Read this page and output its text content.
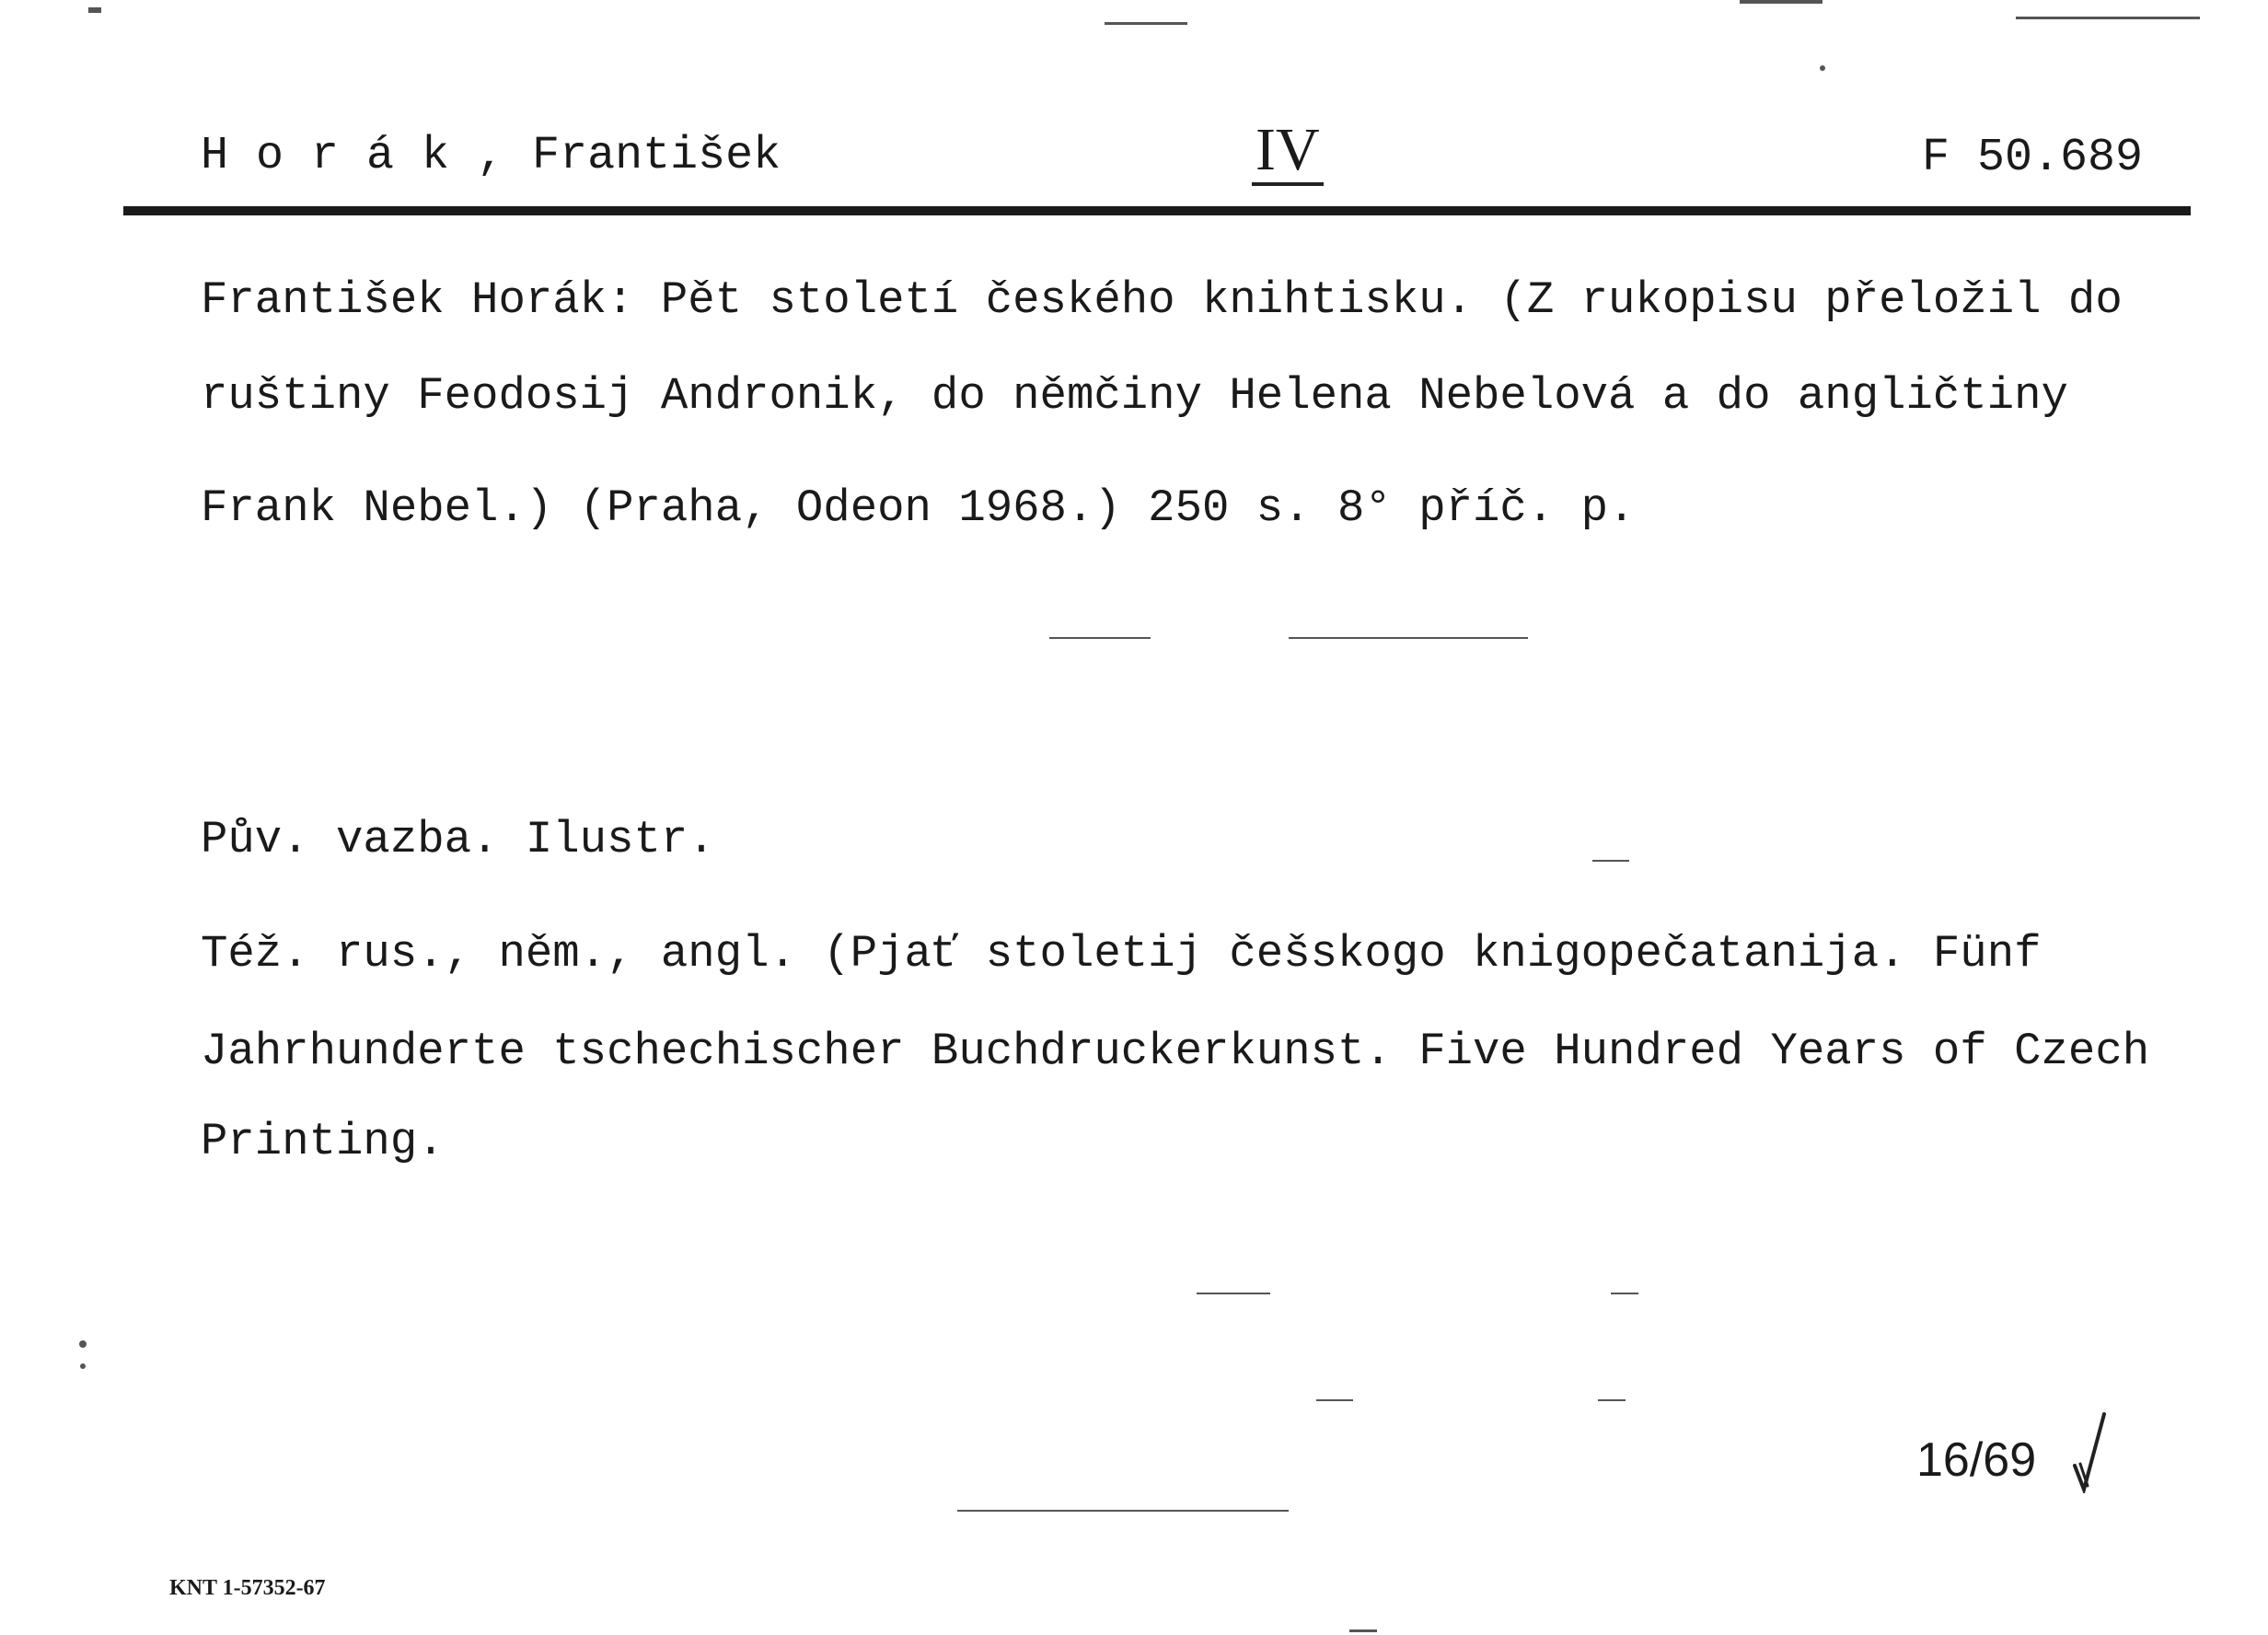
H o r á k , František	IV	F 50.689
František Horák: Pět století českého knihtisku. (Z rukopisu přeložil do
ruštiny Feodosij Andronik, do němčiny Helena Nebelová a do angličtiny
Frank Nebel.) (Praha, Odeon 1968.) 250 s. 8° příč. p.
Pův. vazba. Ilustr.
Též. rus., něm., angl. (Pjať stoletij češskogo knigopečatanija. Fünf
Jahrhunderte tschechischer Buchdruckerkunst. Five Hundred Years of Czech
Printing.
16/69
KNT 1-57352-67
